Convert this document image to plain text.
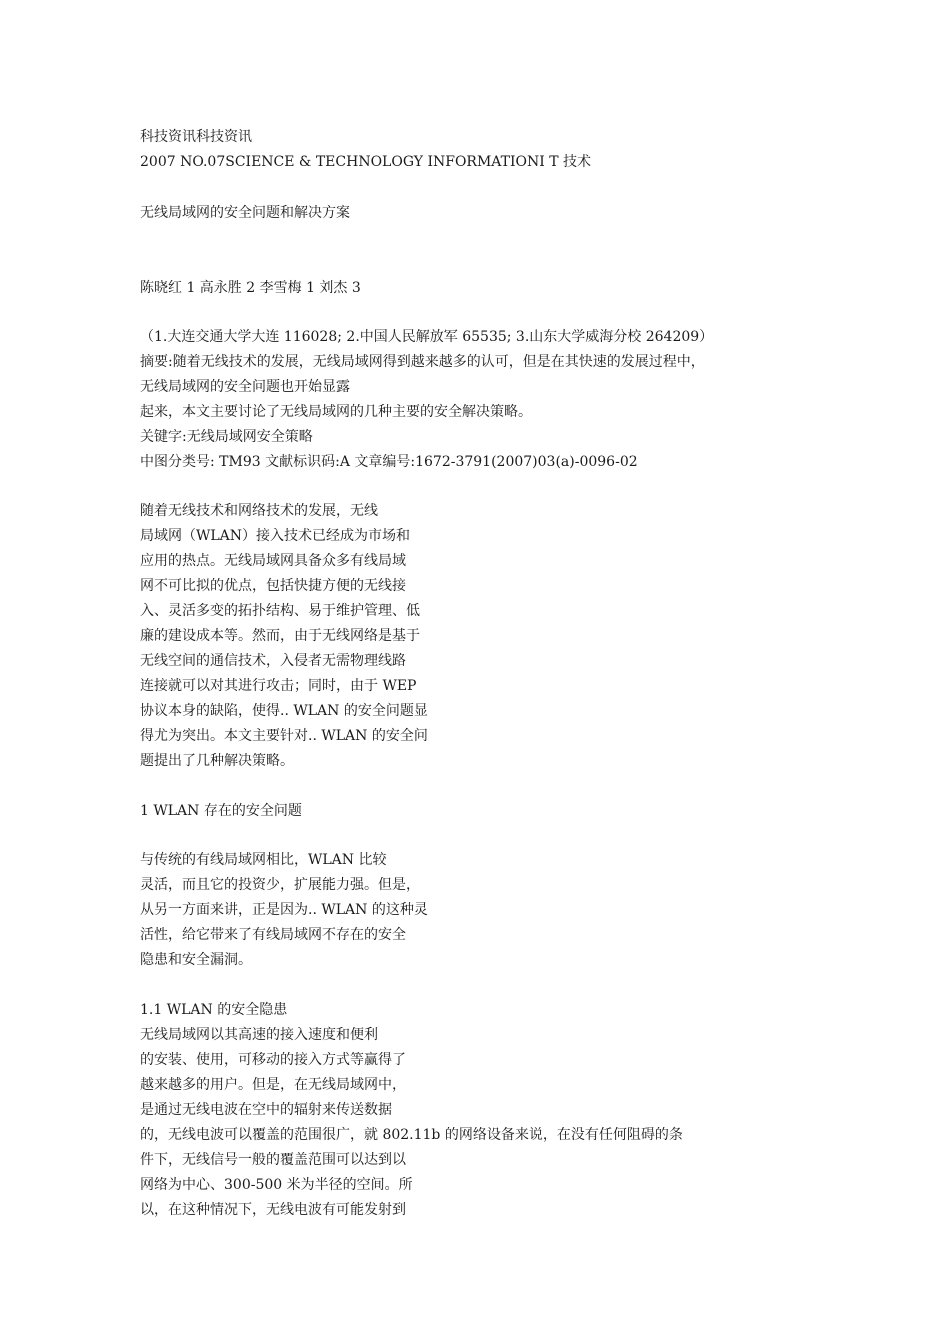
科技资讯科技资讯
2007 NO.07SCIENCE & TECHNOLOGY INFORMATIONI T 技术
无线局域网的安全问题和解决方案
陈晓红 1 高永胜 2 李雪梅 1 刘杰 3
（1.大连交通大学大连 116028; 2.中国人民解放军 65535; 3.山东大学威海分校 264209）
摘要:随着无线技术的发展，无线局域网得到越来越多的认可，但是在其快速的发展过程中，
无线局域网的安全问题也开始显露
起来，本文主要讨论了无线局域网的几种主要的安全解决策略。
关键字:无线局域网安全策略
中图分类号: TM93 文献标识码:A 文章编号:1672-3791(2007)03(a)-0096-02
随着无线技术和网络技术的发展，无线
局域网（WLAN）接入技术已经成为市场和
应用的热点。无线局域网具备众多有线局域
网不可比拟的优点，包括快捷方便的无线接
入、灵活多变的拓扑结构、易于维护管理、低
廉的建设成本等。然而，由于无线网络是基于
无线空间的通信技术，入侵者无需物理线路
连接就可以对其进行攻击；同时，由于 WEP
协议本身的缺陷，使得.. WLAN 的安全问题显
得尤为突出。本文主要针对.. WLAN 的安全问
题提出了几种解决策略。
1 WLAN 存在的安全问题
与传统的有线局域网相比，WLAN 比较
灵活，而且它的投资少，扩展能力强。但是，
从另一方面来讲，正是因为.. WLAN 的这种灵
活性，给它带来了有线局域网不存在的安全
隐患和安全漏洞。
1.1 WLAN 的安全隐患
无线局域网以其高速的接入速度和便利
的安装、使用，可移动的接入方式等赢得了
越来越多的用户。但是，在无线局域网中，
是通过无线电波在空中的辐射来传送数据
的，无线电波可以覆盖的范围很广，就 802.11b 的网络设备来说，在没有任何阻碍的条
件下，无线信号一般的覆盖范围可以达到以
网络为中心、300-500 米为半径的空间。所
以，在这种情况下，无线电波有可能发射到
